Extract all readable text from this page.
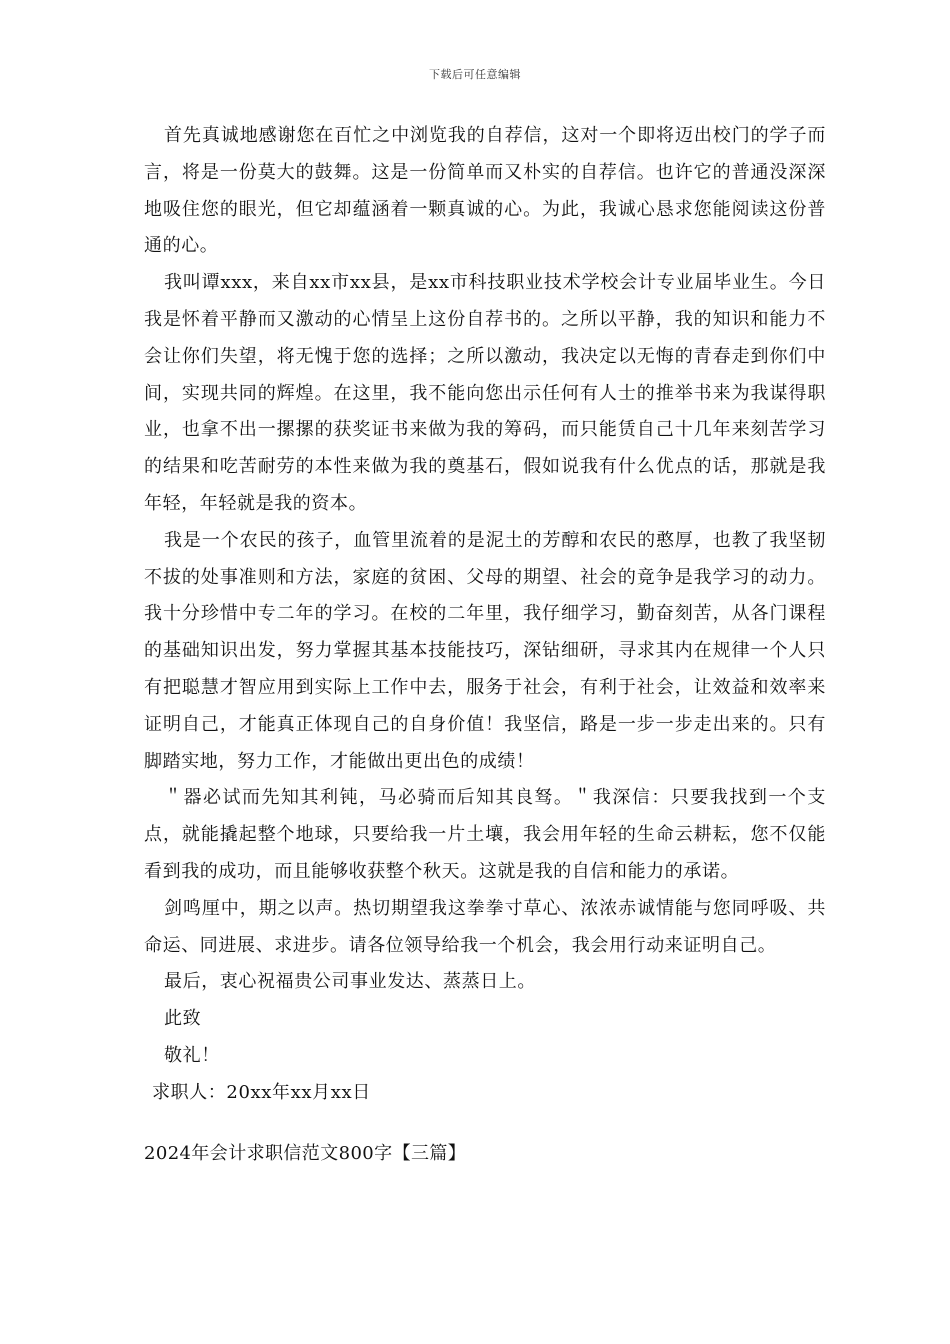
下载后可任意编辑

首先真诚地感谢您在百忙之中浏览我的自荐信，这对一个即将迈出校门的学子而言，将是一份莫大的鼓舞。这是一份简单而又朴实的自荐信。也许它的普通没深深地吸住您的眼光，但它却蕴涵着一颗真诚的心。为此，我诚心恳求您能阅读这份普通的心。

我叫谭xxx，来自xx市xx县，是xx市科技职业技术学校会计专业届毕业生。今日我是怀着平静而又激动的心情呈上这份自荐书的。之所以平静，我的知识和能力不会让你们失望，将无愧于您的选择；之所以激动，我决定以无悔的青春走到你们中间，实现共同的辉煌。在这里，我不能向您出示任何有人士的推举书来为我谋得职业，也拿不出一摞摞的获奖证书来做为我的筹码，而只能赁自己十几年来刻苦学习的结果和吃苦耐劳的本性来做为我的奠基石，假如说我有什么优点的话，那就是我年轻，年轻就是我的资本。

我是一个农民的孩子，血管里流着的是泥土的芳醇和农民的憨厚，也教了我坚韧不拔的处事准则和方法，家庭的贫困、父母的期望、社会的竟争是我学习的动力。我十分珍惜中专二年的学习。在校的二年里，我仔细学习，勤奋刻苦，从各门课程的基础知识出发，努力掌握其基本技能技巧，深钻细研，寻求其内在规律一个人只有把聪慧才智应用到实际上工作中去，服务于社会，有利于社会，让效益和效率来证明自己，才能真正体现自己的自身价值！我坚信，路是一步一步走出来的。只有脚踏实地，努力工作，才能做出更出色的成绩！

＂器必试而先知其利钝，马必骑而后知其良驽。＂我深信：只要我找到一个支点，就能撬起整个地球，只要给我一片土壤，我会用年轻的生命云耕耘，您不仅能看到我的成功，而且能够收获整个秋天。这就是我的自信和能力的承诺。

剑鸣厘中，期之以声。热切期望我这拳拳寸草心、浓浓赤诚情能与您同呼吸、共命运、同进展、求进步。请各位领导给我一个机会，我会用行动来证明自己。

最后，衷心祝福贵公司事业发达、蒸蒸日上。

此致

敬礼！

求职人：20xx年xx月xx日

2024年会计求职信范文800字【三篇】
